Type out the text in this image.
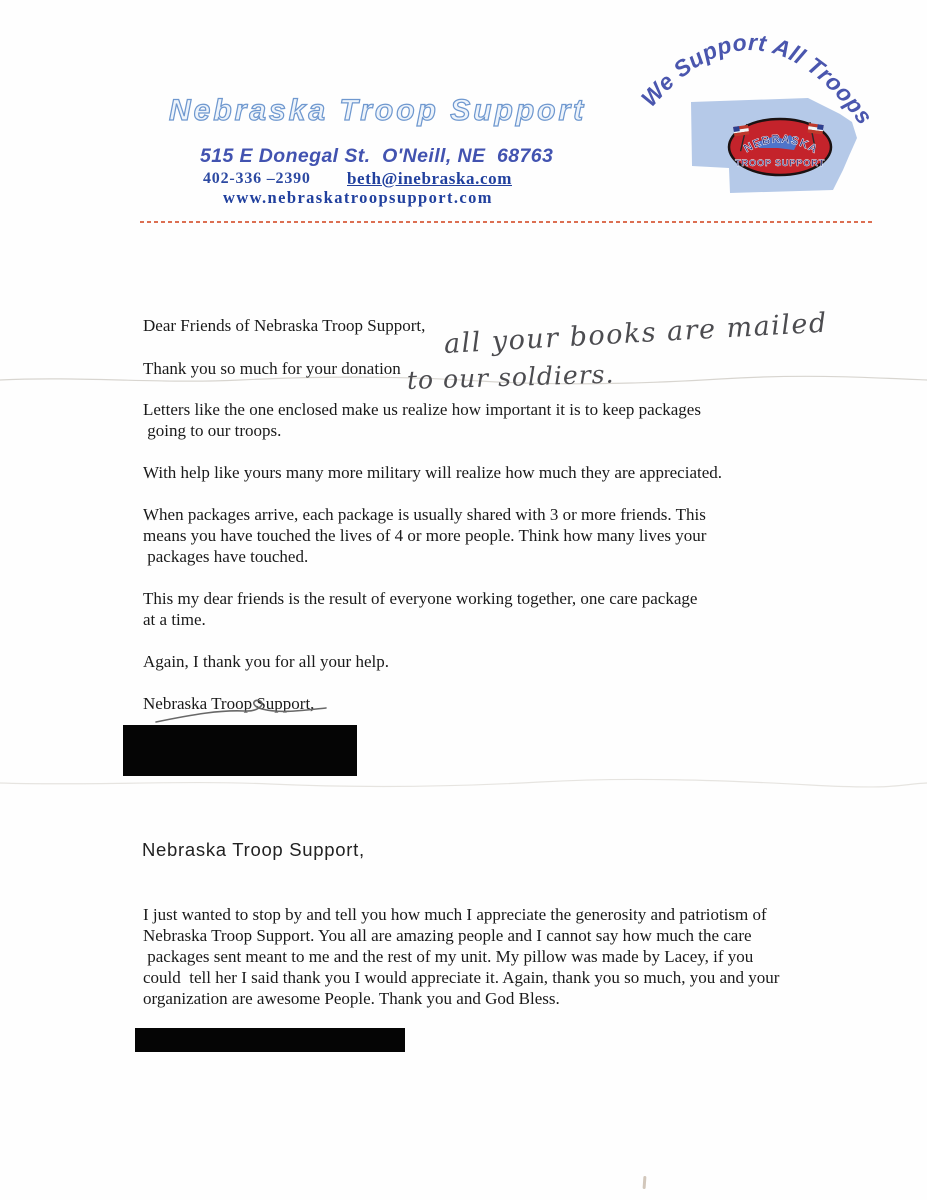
Nebraska Troop Support
515 E Donegal St.  O'Neill, NE  68763
402-336 –2390 beth@inebraska.com
www.nebraskatroopsupport.com
We Support All Troops
NEBRASKA
TROOP SUPPORT
Dear Friends of Nebraska Troop Support,
Thank you so much for your donation
all your books are mailed
to our soldiers.
Letters like the one enclosed make us realize how important it is to keep packages
going to our troops.
With help like yours many more military will realize how much they are appreciated.
When packages arrive, each package is usually shared with 3 or more friends. This
means you have touched the lives of 4 or more people. Think how many lives your
packages have touched.
This my dear friends is the result of everyone working together, one care package
at a time.
Again, I thank you for all your help.
Nebraska Troop Support,
Nebraska Troop Support,
I just wanted to stop by and tell you how much I appreciate the generosity and patriotism of
Nebraska Troop Support. You all are amazing people and I cannot say how much the care
packages sent meant to me and the rest of my unit. My pillow was made by Lacey, if you
could  tell her I said thank you I would appreciate it. Again, thank you so much, you and your
organization are awesome People. Thank you and God Bless.
